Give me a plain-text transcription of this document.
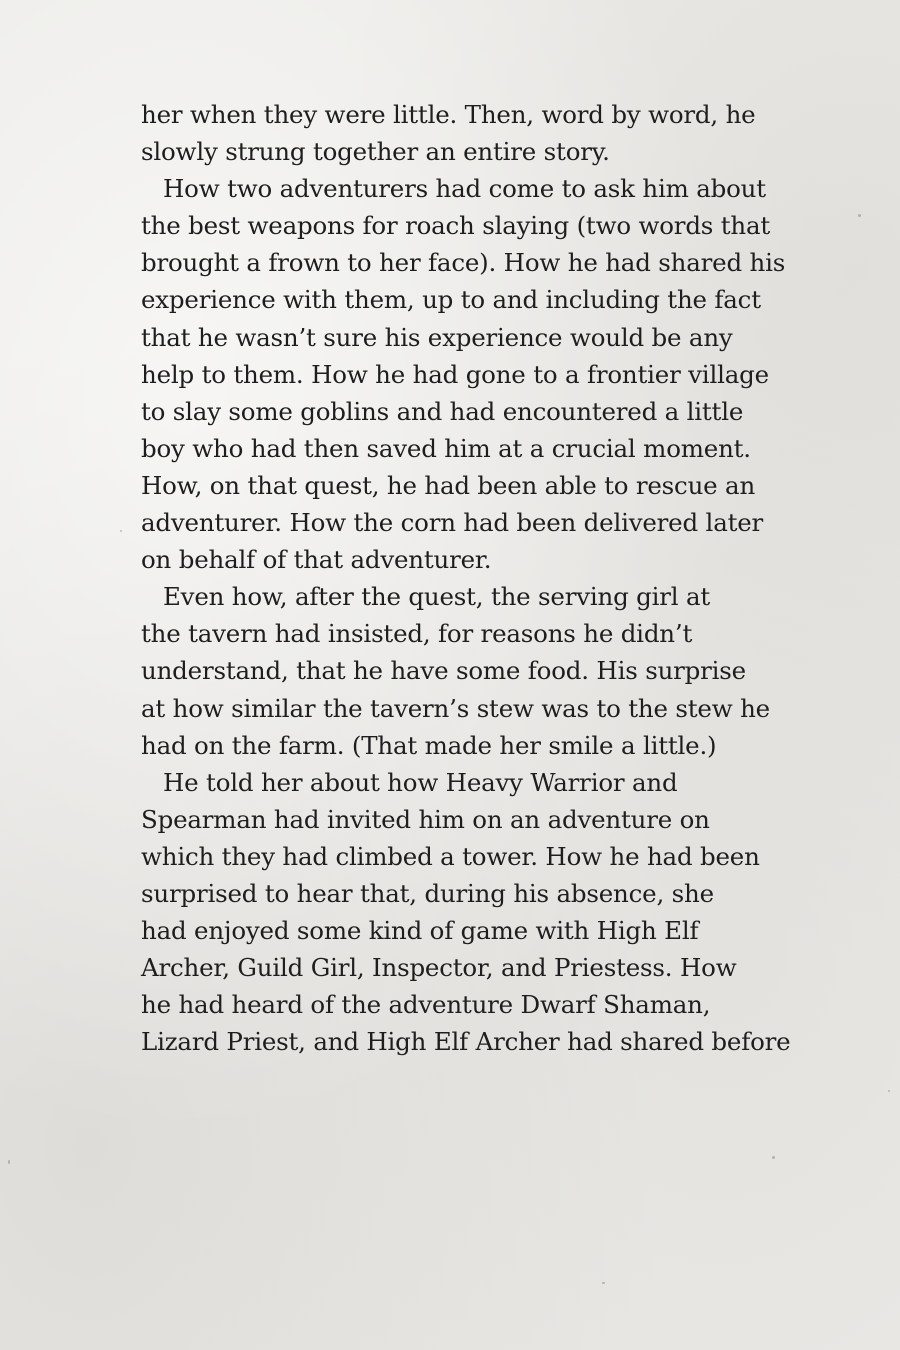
her when they were little. Then, word by word, he
slowly strung together an entire story.
How two adventurers had come to ask him about
the best weapons for roach slaying (two words that
brought a frown to her face). How he had shared his
experience with them, up to and including the fact
that he wasn’t sure his experience would be any
help to them. How he had gone to a frontier village
to slay some goblins and had encountered a little
boy who had then saved him at a crucial moment.
How, on that quest, he had been able to rescue an
adventurer. How the corn had been delivered later
on behalf of that adventurer.
Even how, after the quest, the serving girl at
the tavern had insisted, for reasons he didn’t
understand, that he have some food. His surprise
at how similar the tavern’s stew was to the stew he
had on the farm. (That made her smile a little.)
He told her about how Heavy Warrior and
Spearman had invited him on an adventure on
which they had climbed a tower. How he had been
surprised to hear that, during his absence, she
had enjoyed some kind of game with High Elf
Archer, Guild Girl, Inspector, and Priestess. How
he had heard of the adventure Dwarf Shaman,
Lizard Priest, and High Elf Archer had shared before
